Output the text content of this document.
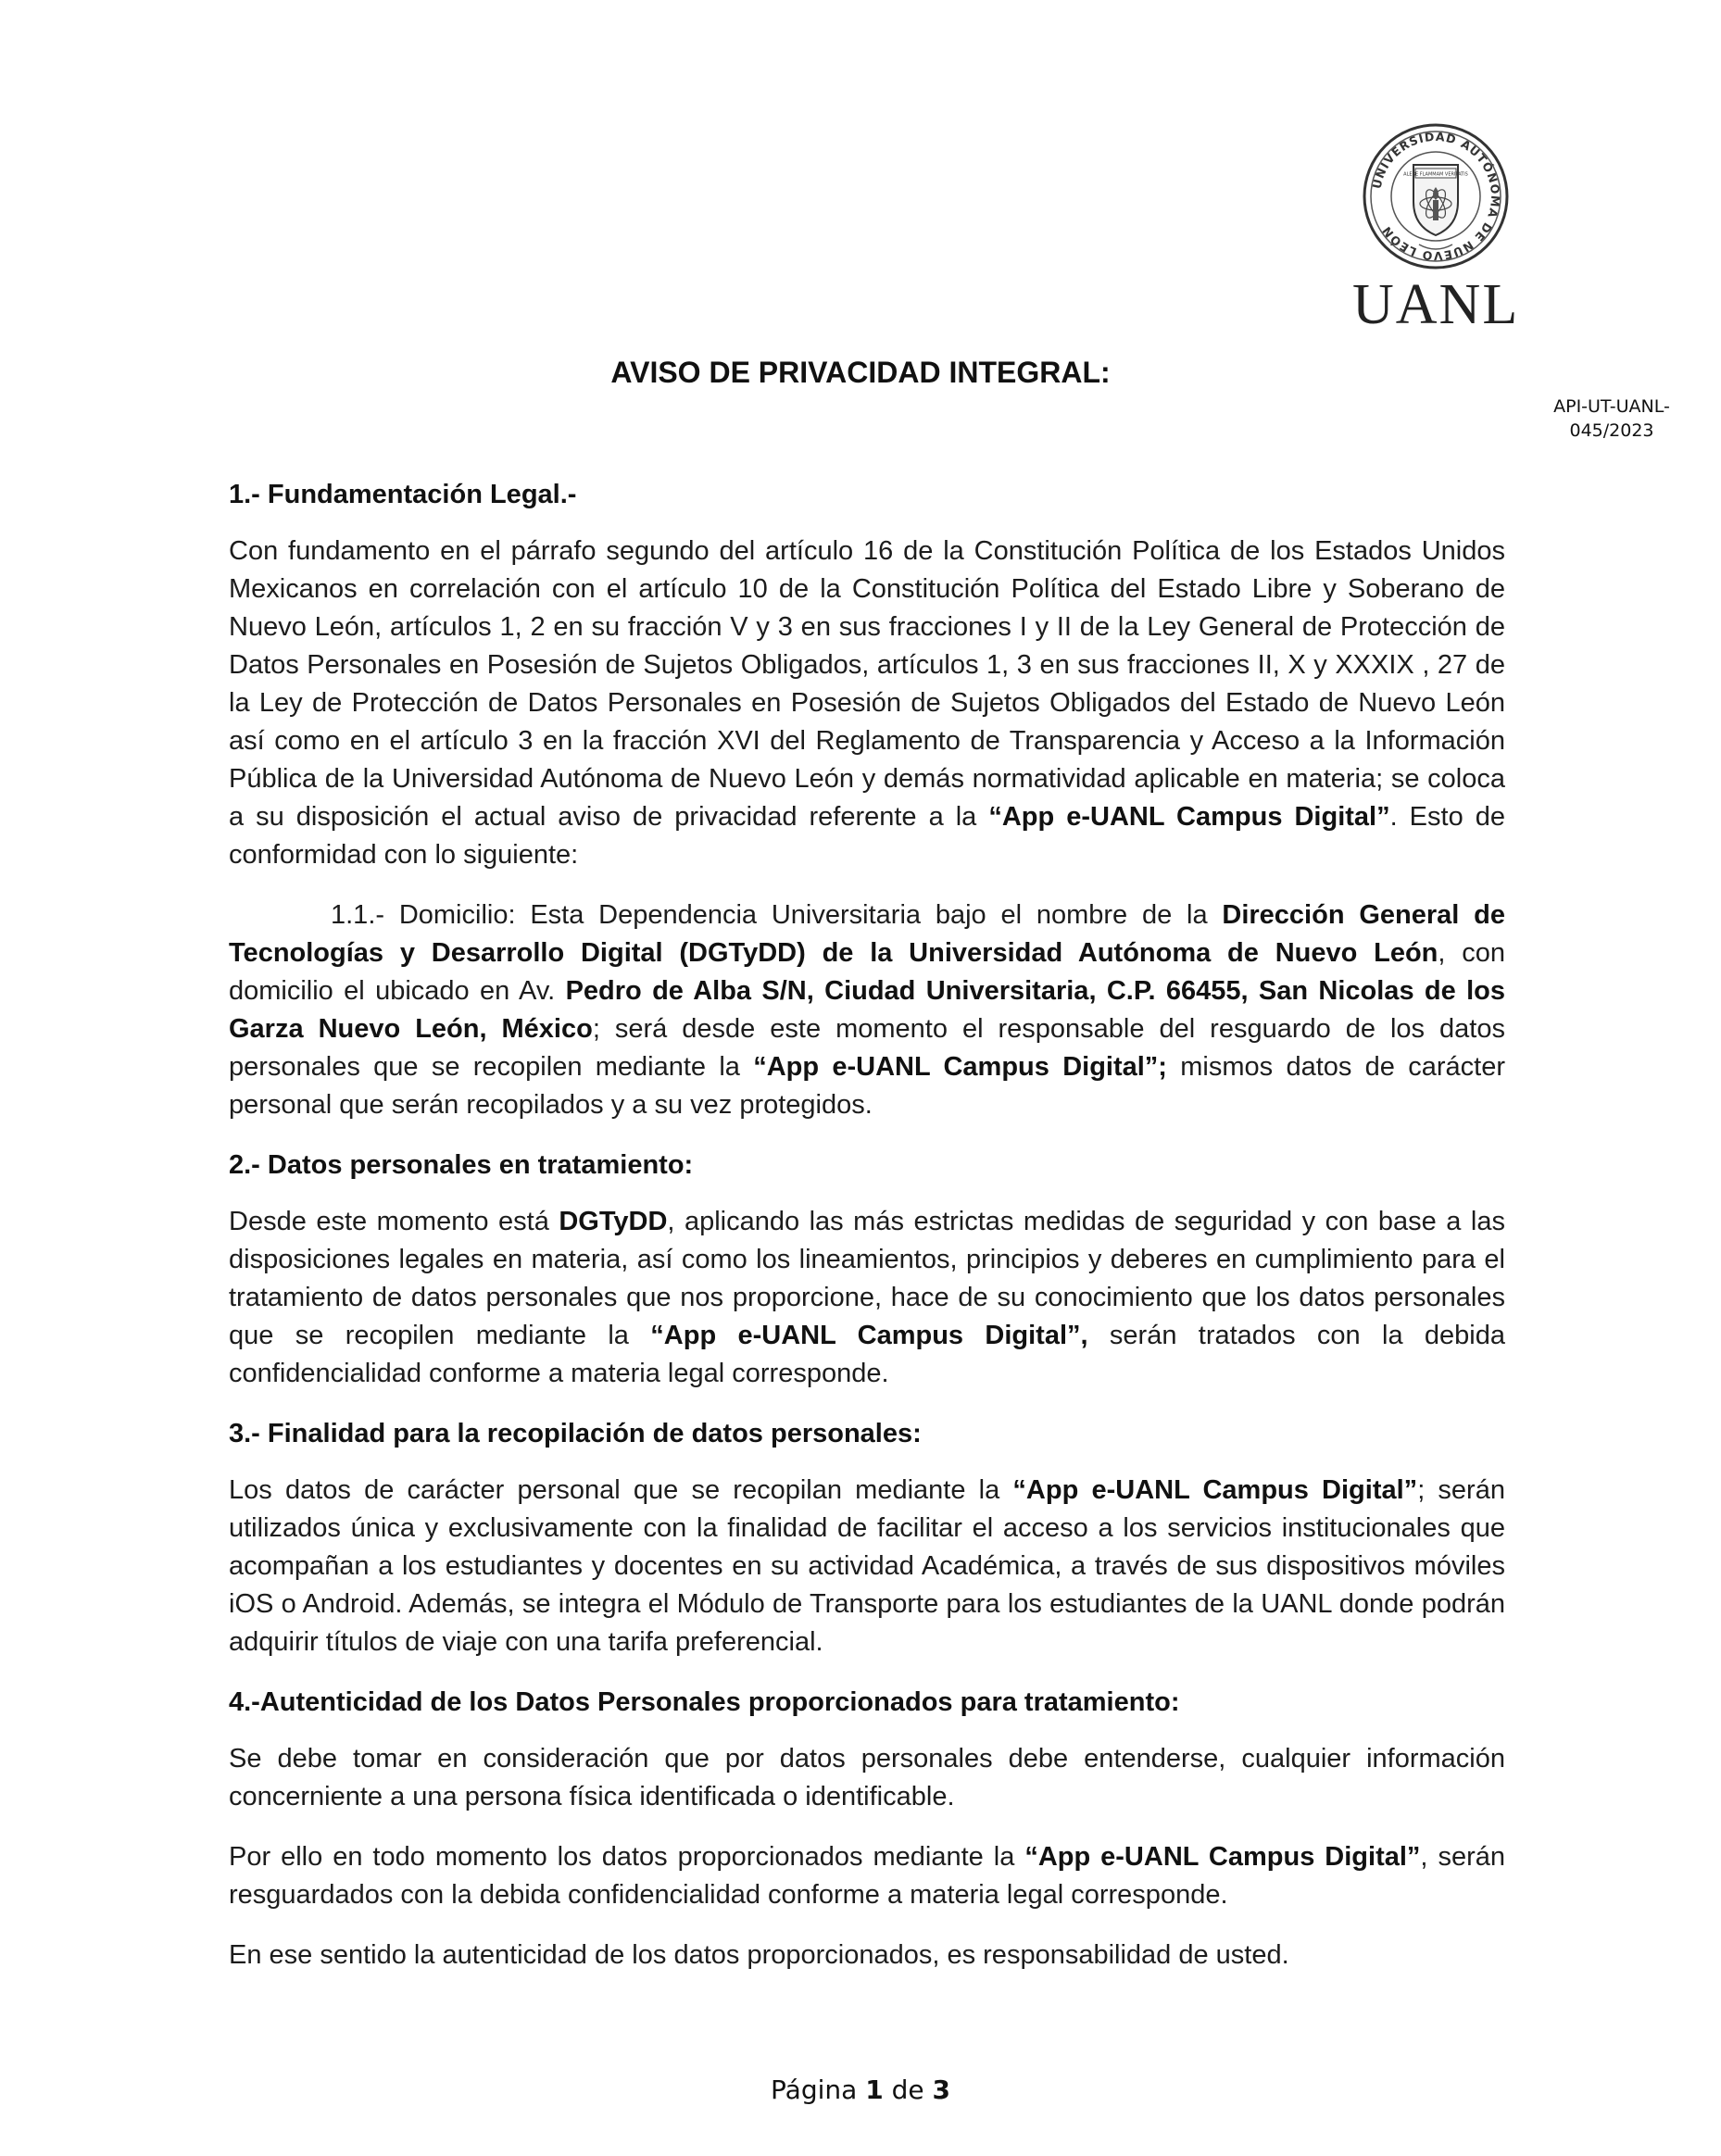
UNIVERSIDAD AUTÓNOMA DE NUEVO LEÓN
ALERE FLAMMAM VERITATIS
UANL
AVISO DE PRIVACIDAD INTEGRAL:
API-UT-UANL-
045/2023
1.- Fundamentación Legal.-

Con fundamento en el párrafo segundo del artículo 16 de la Constitución Política de los Estados Unidos Mexicanos en correlación con el artículo 10 de la Constitución Política del Estado Libre y Soberano de Nuevo León, artículos 1, 2 en su fracción V y 3 en sus fracciones I y II de la Ley General de Protección de Datos Personales en Posesión de Sujetos Obligados, artículos 1, 3 en sus fracciones II, X y XXXIX , 27 de la Ley de Protección de Datos Personales en Posesión de Sujetos Obligados del Estado de Nuevo León así como en el artículo 3 en la fracción XVI del Reglamento de Transparencia y Acceso a la Información Pública de la Universidad Autónoma de Nuevo León y demás normatividad aplicable en materia; se coloca a su disposición el actual aviso de privacidad referente a la “App e-UANL Campus Digital”. Esto de conformidad con lo siguiente:

1.1.- Domicilio: Esta Dependencia Universitaria bajo el nombre de la Dirección General de Tecnologías y Desarrollo Digital (DGTyDD) de la Universidad Autónoma de Nuevo León, con domicilio el ubicado en Av. Pedro de Alba S/N, Ciudad Universitaria, C.P. 66455, San Nicolas de los Garza Nuevo León, México; será desde este momento el responsable del resguardo de los datos personales que se recopilen mediante la “App e-UANL Campus Digital”; mismos datos de carácter personal que serán recopilados y a su vez protegidos.

2.- Datos personales en tratamiento:

Desde este momento está DGTyDD, aplicando las más estrictas medidas de seguridad y con base a las disposiciones legales en materia, así como los lineamientos, principios y deberes en cumplimiento para el tratamiento de datos personales que nos proporcione, hace de su conocimiento que los datos personales que se recopilen mediante la “App e-UANL Campus Digital”, serán tratados con la debida confidencialidad conforme a materia legal corresponde.

3.- Finalidad para la recopilación de datos personales:

Los datos de carácter personal que se recopilan mediante la “App e-UANL Campus Digital”; serán utilizados única y exclusivamente con la finalidad de facilitar el acceso a los servicios institucionales que acompañan a los estudiantes y docentes en su actividad Académica, a través de sus dispositivos móviles iOS o Android. Además, se integra el Módulo de Transporte para los estudiantes de la UANL donde podrán adquirir títulos de viaje con una tarifa preferencial.

4.-Autenticidad de los Datos Personales proporcionados para tratamiento:

Se debe tomar en consideración que por datos personales debe entenderse, cualquier información concerniente a una persona física identificada o identificable.

Por ello en todo momento los datos proporcionados mediante la “App e-UANL Campus Digital”, serán resguardados con la debida confidencialidad conforme a materia legal corresponde.

En ese sentido la autenticidad de los datos proporcionados, es responsabilidad de usted.

Página 1 de 3
